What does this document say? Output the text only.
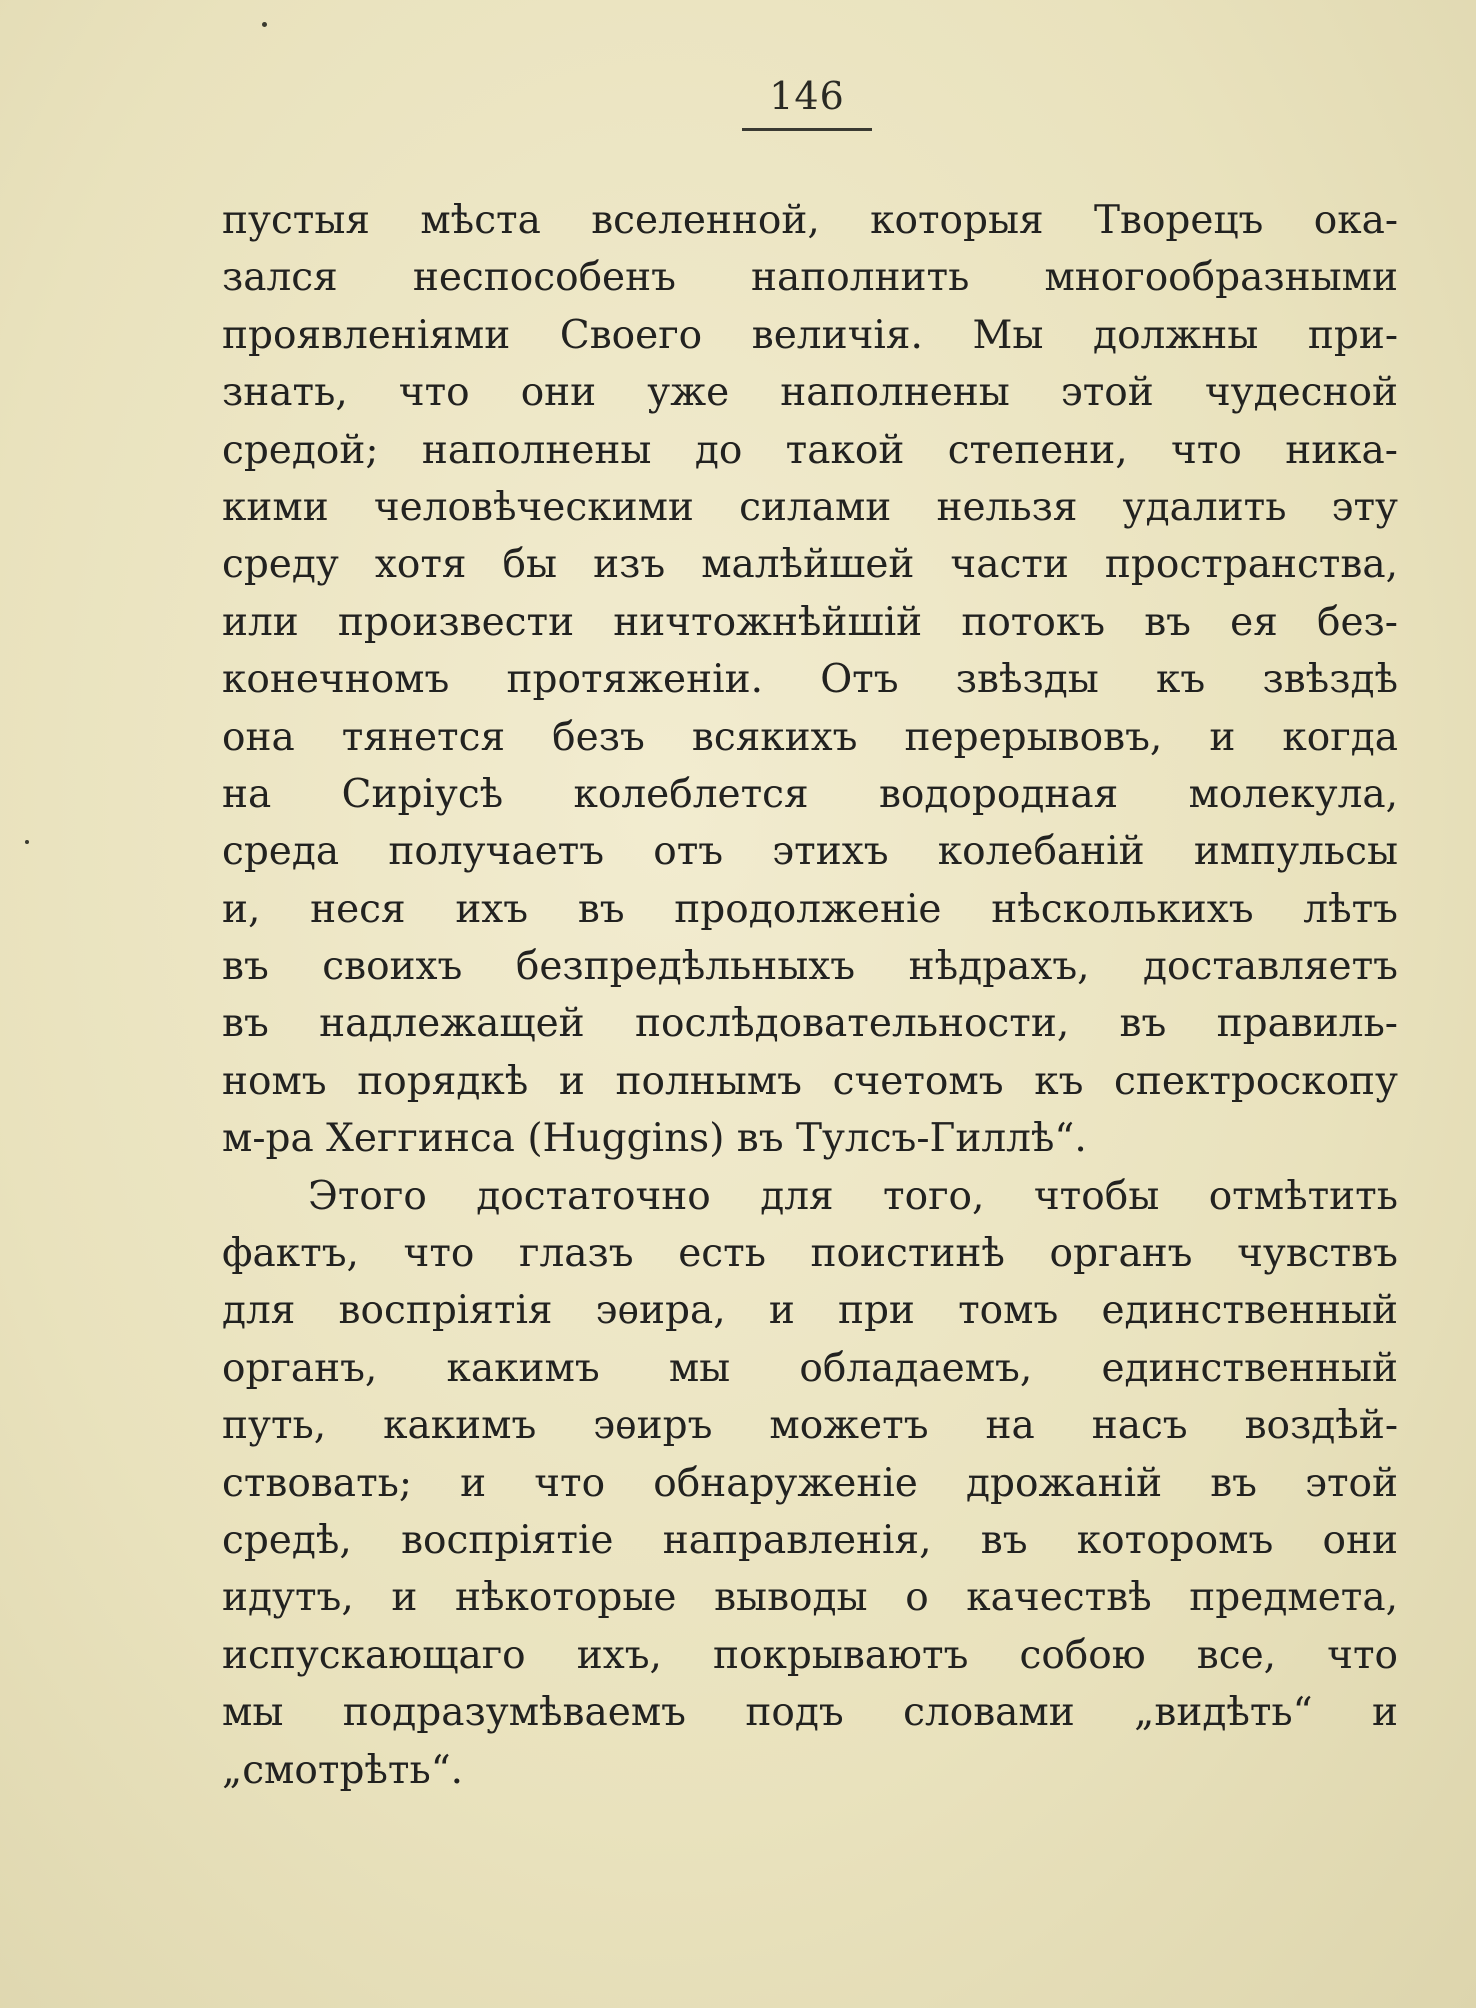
146
пустыя мѣста вселенной, которыя Творецъ ока-
зался неспособенъ наполнить многообразными
проявленіями Своего величія. Мы должны при-
знать, что они уже наполнены этой чудесной
средой; наполнены до такой степени, что ника-
кими человѣческими силами нельзя удалить эту
среду хотя бы изъ малѣйшей части пространства,
или произвести ничтожнѣйшій потокъ въ ея без-
конечномъ протяженіи. Отъ звѣзды къ звѣздѣ
она тянется безъ всякихъ перерывовъ, и когда
на Сиріусѣ колеблется водородная молекула,
среда получаетъ отъ этихъ колебаній импульсы
и, неся ихъ въ продолженіе нѣсколькихъ лѣтъ
въ своихъ безпредѣльныхъ нѣдрахъ, доставляетъ
въ надлежащей послѣдовательности, въ правиль-
номъ порядкѣ и полнымъ счетомъ къ спектроскопу
м-ра Хеггинса (Huggins) въ Тулсъ-Гиллѣ“.
Этого достаточно для того, чтобы отмѣтить
фактъ, что глазъ есть поистинѣ органъ чувствъ
для воспріятія эѳира, и при томъ единственный
органъ, какимъ мы обладаемъ, единственный
путь, какимъ эѳиръ можетъ на насъ воздѣй-
ствовать; и что обнаруженіе дрожаній въ этой
средѣ, воспріятіе направленія, въ которомъ они
идутъ, и нѣкоторые выводы о качествѣ предмета,
испускающаго ихъ, покрываютъ собою все, что
мы подразумѣваемъ подъ словами „видѣть“ и
„смотрѣть“.
